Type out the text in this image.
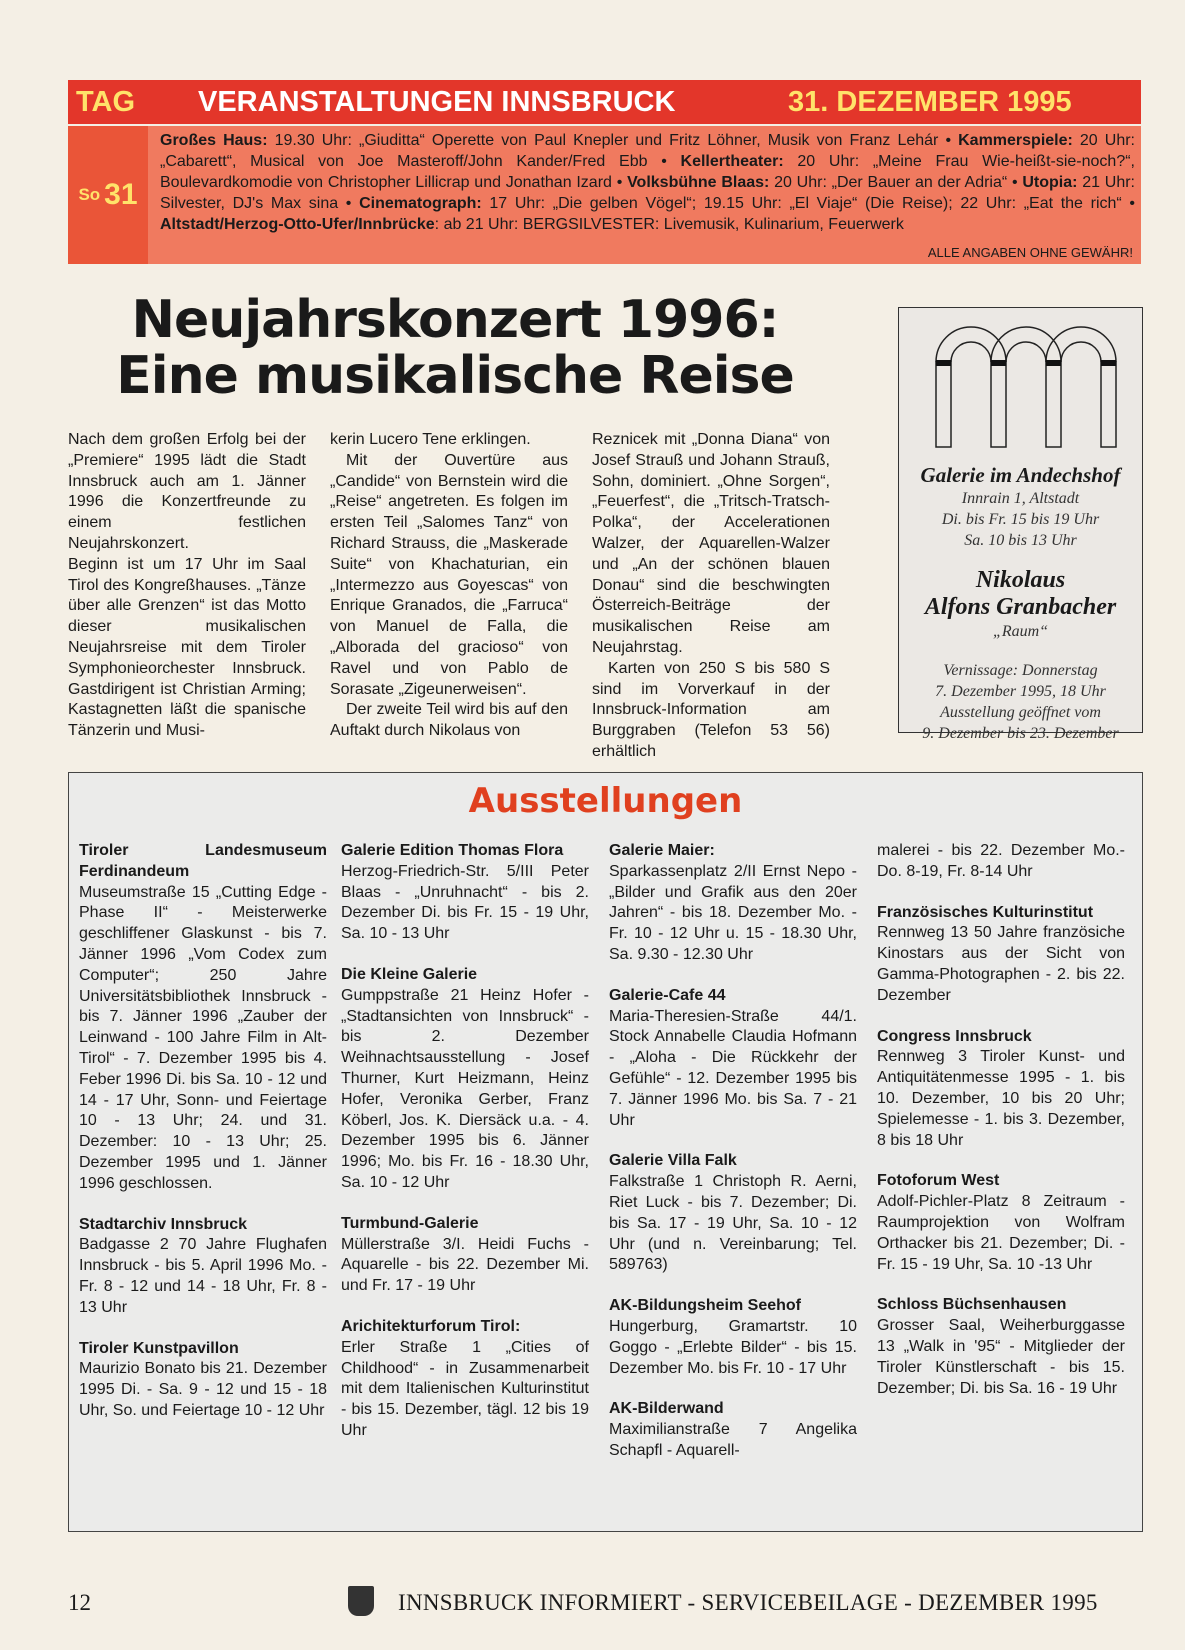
TAG VERANSTALTUNGEN INNSBRUCK	31. DEZEMBER 1995
So 31
Großes Haus: 19.30 Uhr: „Giuditta“ Operette von Paul Knepler und Fritz Löhner, Musik von Franz Lehár • Kammerspiele: 20 Uhr: „Cabarett“, Musical von Joe Masteroff/John Kander/Fred Ebb • Kellertheater: 20 Uhr: „Meine Frau Wie-heißt-sie-noch?“, Boulevardkomodie von Christopher Lillicrap und Jonathan Izard • Volksbühne Blaas: 20 Uhr: „Der Bauer an der Adria“ • Utopia: 21 Uhr: Silvester, DJ's Max sina • Cinematograph: 17 Uhr: „Die gelben Vögel“; 19.15 Uhr: „El Viaje“ (Die Reise); 22 Uhr: „Eat the rich“ • Altstadt/Herzog-Otto-Ufer/Innbrücke: ab 21 Uhr: BERGSILVESTER: Livemusik, Kulinarium, Feuerwerk
ALLE ANGABEN OHNE GEWÄHR!
Neujahrskonzert 1996: Eine musikalische Reise

Nach dem großen Erfolg bei der „Premiere“ 1995 lädt die Stadt Innsbruck auch am 1. Jänner 1996 die Konzertfreunde zu einem festlichen Neujahrskonzert.

Beginn ist um 17 Uhr im Saal Tirol des Kongreßhauses. „Tänze über alle Grenzen“ ist das Motto dieser musikalischen Neujahrsreise mit dem Tiroler Symphonieorchester Innsbruck. Gastdirigent ist Christian Arming; Kastagnetten läßt die spanische Tänzerin und Musi-

kerin Lucero Tene erklingen.

Mit der Ouvertüre aus „Candide“ von Bernstein wird die „Reise“ angetreten. Es folgen im ersten Teil „Salomes Tanz“ von Richard Strauss, die „Maskerade Suite“ von Khachaturian, ein „Intermezzo aus Goyescas“ von Enrique Granados, die „Farruca“ von Manuel de Falla, die „Alborada del gracioso“ von Ravel und von Pablo de Sorasate „Zigeunerweisen“.

Der zweite Teil wird bis auf den Auftakt durch Nikolaus von

Reznicek mit „Donna Diana“ von Josef Strauß und Johann Strauß, Sohn, dominiert. „Ohne Sorgen“, „Feuerfest“, die „Tritsch-Tratsch-Polka“, der Accelerationen Walzer, der Aquarellen-Walzer und „An der schönen blauen Donau“ sind die beschwingten Österreich-Beiträge der musikalischen Reise am Neujahrstag.

Karten von 250 S bis 580 S sind im Vorverkauf in der Innsbruck-Information am Burggraben (Telefon 53 56) erhältlich

Galerie im Andechshof
Innrain 1, Altstadt
Di. bis Fr. 15 bis 19 Uhr
Sa. 10 bis 13 Uhr
Nikolaus
Alfons Granbacher
„Raum“
Vernissage: Donnerstag
7. Dezember 1995, 18 Uhr
Ausstellung geöffnet vom
9. Dezember bis 23. Dezember
Ausstellungen
Tiroler Landesmuseum Ferdinandeum
Museumstraße 15 „Cutting Edge - Phase II“ - Meisterwerke geschliffener Glaskunst - bis 7. Jänner 1996 „Vom Codex zum Computer“; 250 Jahre Universitätsbibliothek Innsbruck - bis 7. Jänner 1996 „Zauber der Leinwand - 100 Jahre Film in Alt-Tirol“ - 7. Dezember 1995 bis 4. Feber 1996 Di. bis Sa. 10 - 12 und 14 - 17 Uhr, Sonn- und Feiertage 10 - 13 Uhr; 24. und 31. Dezember: 10 - 13 Uhr; 25. Dezember 1995 und 1. Jänner 1996 geschlossen.
Stadtarchiv Innsbruck
Badgasse 2 70 Jahre Flughafen Innsbruck - bis 5. April 1996 Mo. - Fr. 8 - 12 und 14 - 18 Uhr, Fr. 8 - 13 Uhr
Tiroler Kunstpavillon
Maurizio Bonato bis 21. Dezember 1995 Di. - Sa. 9 - 12 und 15 - 18 Uhr, So. und Feiertage 10 - 12 Uhr
Galerie Edition Thomas Flora
Herzog-Friedrich-Str. 5/III Peter Blaas - „Unruhnacht“ - bis 2. Dezember Di. bis Fr. 15 - 19 Uhr, Sa. 10 - 13 Uhr
Die Kleine Galerie
Gumppstraße 21 Heinz Hofer - „Stadtansichten von Innsbruck“ - bis 2. Dezember Weihnachtsausstellung - Josef Thurner, Kurt Heizmann, Heinz Hofer, Veronika Gerber, Franz Köberl, Jos. K. Diersäck u.a. - 4. Dezember 1995 bis 6. Jänner 1996; Mo. bis Fr. 16 - 18.30 Uhr, Sa. 10 - 12 Uhr
Turmbund-Galerie
Müllerstraße 3/I. Heidi Fuchs - Aquarelle - bis 22. Dezember Mi. und Fr. 17 - 19 Uhr
Arichitekturforum Tirol:
Erler Straße 1 „Cities of Childhood“ - in Zusammenarbeit mit dem Italienischen Kulturinstitut - bis 15. Dezember, tägl. 12 bis 19 Uhr
Galerie Maier:
Sparkassenplatz 2/II Ernst Nepo - „Bilder und Grafik aus den 20er Jahren“ - bis 18. Dezember Mo. - Fr. 10 - 12 Uhr u. 15 - 18.30 Uhr, Sa. 9.30 - 12.30 Uhr
Galerie-Cafe 44
Maria-Theresien-Straße 44/1. Stock Annabelle Claudia Hofmann - „Aloha - Die Rückkehr der Gefühle“ - 12. Dezember 1995 bis 7. Jänner 1996 Mo. bis Sa. 7 - 21 Uhr
Galerie Villa Falk
Falkstraße 1 Christoph R. Aerni, Riet Luck - bis 7. Dezember; Di. bis Sa. 17 - 19 Uhr, Sa. 10 - 12 Uhr (und n. Vereinbarung; Tel. 589763)
AK-Bildungsheim Seehof
Hungerburg, Gramartstr. 10 Goggo - „Erlebte Bilder“ - bis 15. Dezember Mo. bis Fr. 10 - 17 Uhr
AK-Bilderwand
Maximilianstraße 7 Angelika Schapfl - Aquarell-
malerei - bis 22. Dezember Mo.-Do. 8-19, Fr. 8-14 Uhr
Französisches Kulturinstitut
Rennweg 13 50 Jahre französiche Kinostars aus der Sicht von Gamma-Photographen - 2. bis 22. Dezember
Congress Innsbruck
Rennweg 3 Tiroler Kunst- und Antiquitätenmesse 1995 - 1. bis 10. Dezember, 10 bis 20 Uhr; Spielemesse - 1. bis 3. Dezember, 8 bis 18 Uhr
Fotoforum West
Adolf-Pichler-Platz 8 Zeitraum - Raumprojektion von Wolfram Orthacker bis 21. Dezember; Di. - Fr. 15 - 19 Uhr, Sa. 10 -13 Uhr
Schloss Büchsenhausen
Grosser Saal, Weiherburggasse 13 „Walk in '95“ - Mitglieder der Tiroler Künstlerschaft - bis 15. Dezember; Di. bis Sa. 16 - 19 Uhr
12	INNSBRUCK INFORMIERT - SERVICEBEILAGE - DEZEMBER 1995
